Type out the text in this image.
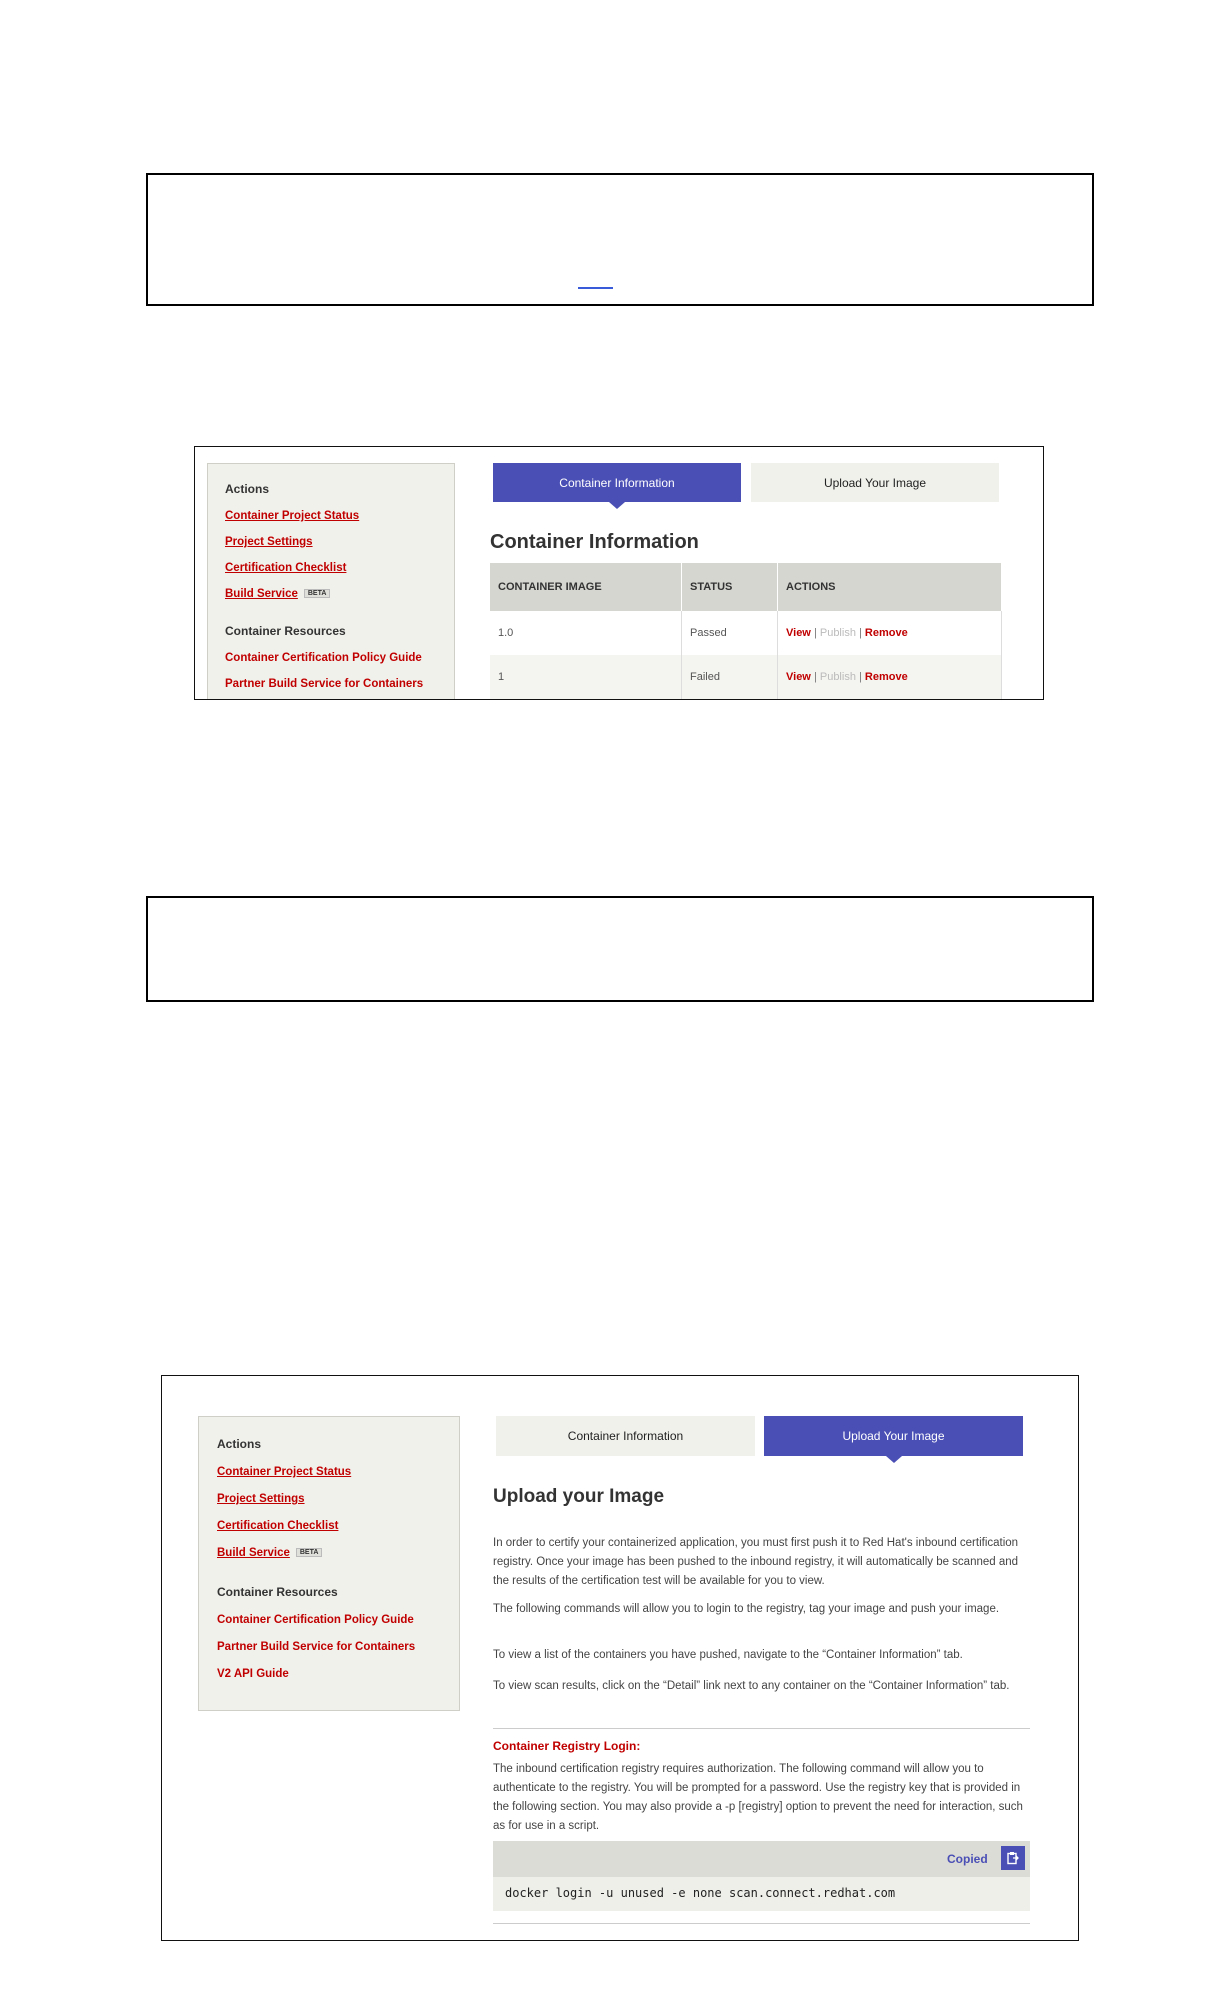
Actions
Container Project Status
Project Settings
Certification Checklist
Build Service BETA
Container Resources
Container Certification Policy Guide
Partner Build Service for Containers
Container Information	Upload Your Image
Container Information
CONTAINER IMAGE	STATUS	ACTIONS
1.0	Passed	View | Publish | Remove
1	Failed	View | Publish | Remove
Actions
Container Project Status
Project Settings
Certification Checklist
Build Service BETA
Container Resources
Container Certification Policy Guide
Partner Build Service for Containers
V2 API Guide
Container Information	Upload Your Image
Upload your Image
In order to certify your containerized application, you must first push it to Red Hat's inbound certification registry. Once your image has been pushed to the inbound registry, it will automatically be scanned and the results of the certification test will be available for you to view.
The following commands will allow you to login to the registry, tag your image and push your image.
To view a list of the containers you have pushed, navigate to the “Container Information” tab.
To view scan results, click on the “Detail” link next to any container on the “Container Information” tab.
Container Registry Login:
The inbound certification registry requires authorization. The following command will allow you to authenticate to the registry. You will be prompted for a password. Use the registry key that is provided in the following section. You may also provide a -p [registry] option to prevent the need for interaction, such as for use in a script.
Copied
docker login -u unused -e none scan.connect.redhat.com
